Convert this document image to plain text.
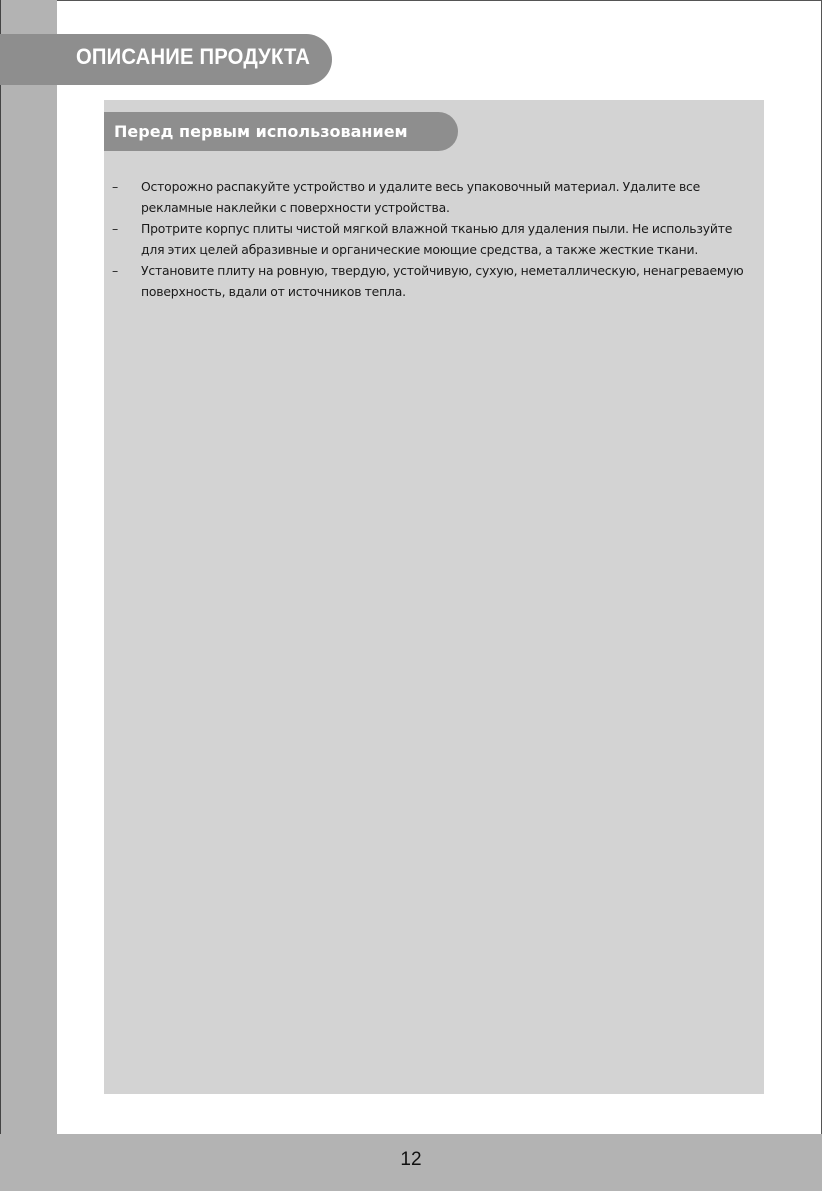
ОПИСАНИЕ ПРОДУКТА
Перед первым использованием
– Осторожно распакуйте устройство и удалите весь упаковочный материал. Удалите все рекламные наклейки с поверхности устройства.
– Протрите корпус плиты чистой мягкой влажной тканью для удаления пыли. Не используйте для этих целей абразивные и органические моющие средства, а также жесткие ткани.
– Установите плиту на ровную, твердую, устойчивую, сухую, неметаллическую, ненагреваемую поверхность, вдали от источников тепла.
12
